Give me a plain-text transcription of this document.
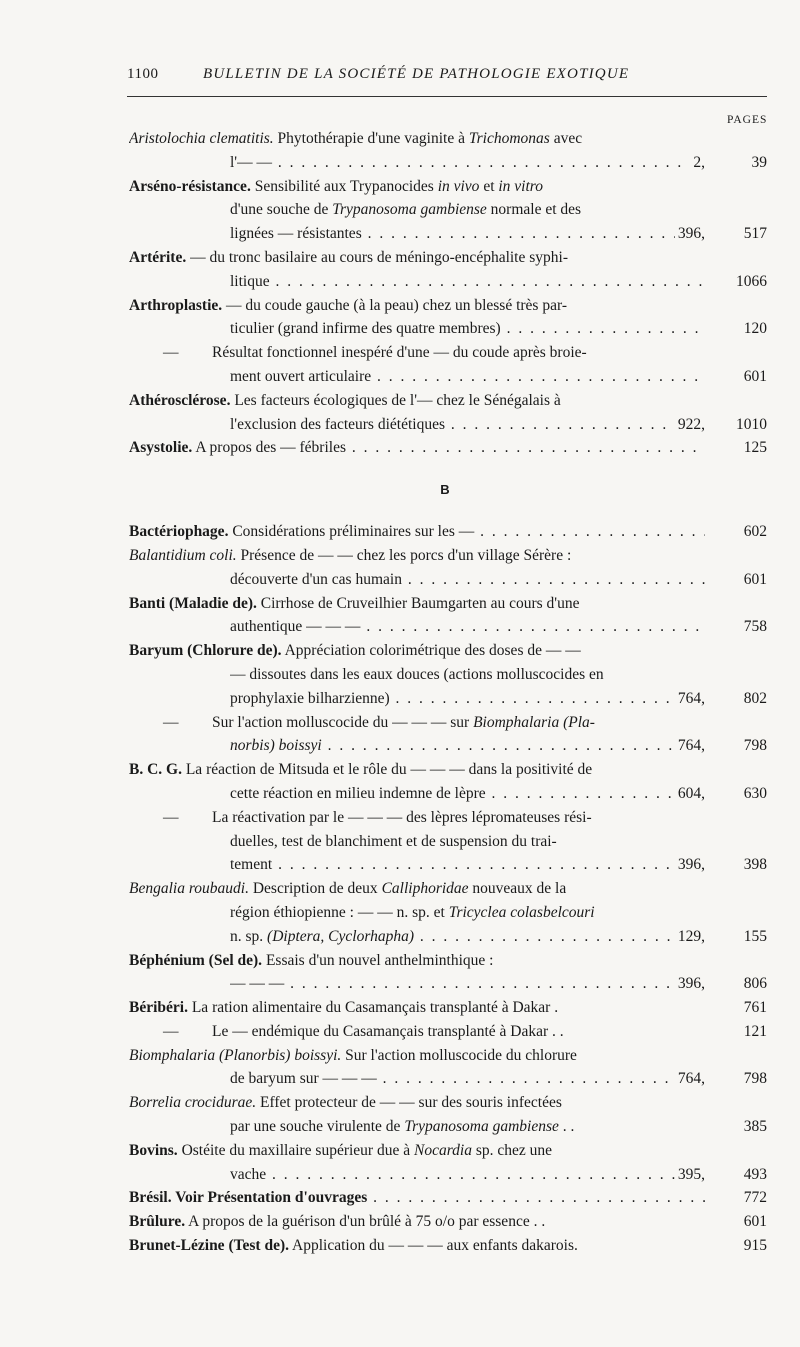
1100	BULLETIN DE LA SOCIÉTÉ DE PATHOLOGIE EXOTIQUE
PAGES
Aristolochia clematitis. Phytothérapie d'une vaginite à Trichomonas avec
l'— — . . .	2,	39
Arséno-résistance. Sensibilité aux Trypanocides in vivo et in vitro
d'une souche de Trypanosoma gambiense normale et des
lignées — résistantes . . .	396,	517
Artérite. — du tronc basilaire au cours de méningo-encéphalite syphi-
litique . . .	1066
Arthroplastie. — du coude gauche (à la peau) chez un blessé très par-
ticulier (grand infirme des quatre membres) . . .	120
— Résultat fonctionnel inespéré d'une — du coude après broie-
ment ouvert articulaire . . .	601
Athérosclérose. Les facteurs écologiques de l'— chez le Sénégalais à
l'exclusion des facteurs diététiques . . .	922,	1010
Asystolie. A propos des — fébriles . . .	125
B
Bactériophage. Considérations préliminaires sur les — . . .	602
Balantidium coli. Présence de — — chez les porcs d'un village Sérère :
découverte d'un cas humain . . .	601
Banti (Maladie de). Cirrhose de Cruveilhier Baumgarten au cours d'une
authentique — — — . . .	758
Baryum (Chlorure de). Appréciation colorimétrique des doses de — —
— dissoutes dans les eaux douces (actions molluscocides en
prophylaxie bilharzienne) . . .	764,	802
— Sur l'action molluscocide du — — — sur Biomphalaria (Pla-
norbis) boissyi . . .	764,	798
B. C. G. La réaction de Mitsuda et le rôle du — — — dans la positivité de
cette réaction en milieu indemne de lèpre . . .	604,	630
— La réactivation par le — — — des lèpres lépromateuses rési-
duelles, test de blanchiment et de suspension du trai-
tement . . .	396,	398
Bengalia roubaudi. Description de deux Calliphoridae nouveaux de la
région éthiopienne : — — n. sp. et Tricyclea colasbelcouri
n. sp. (Diptera, Cyclorhapha) . . .	129,	155
Béphénium (Sel de). Essais d'un nouvel anthelminthique :
— — — . . .	396,	806
Béribéri. La ration alimentaire du Casamançais transplanté à Dakar .	761
— Le — endémique du Casamançais transplanté à Dakar . .	121
Biomphalaria (Planorbis) boissyi. Sur l'action molluscocide du chlorure
de baryum sur — — — . . .	764,	798
Borrelia crocidurae. Effet protecteur de — — sur des souris infectées
par une souche virulente de Trypanosoma gambiense . .	385
Bovins. Ostéite du maxillaire supérieur due à Nocardia sp. chez une
vache . . .	395,	493
Brésil. Voir Présentation d'ouvrages . . .	772
Brûlure. A propos de la guérison d'un brûlé à 75 o/o par essence . .	601
Brunet-Lézine (Test de). Application du — — — aux enfants dakarois.	915
